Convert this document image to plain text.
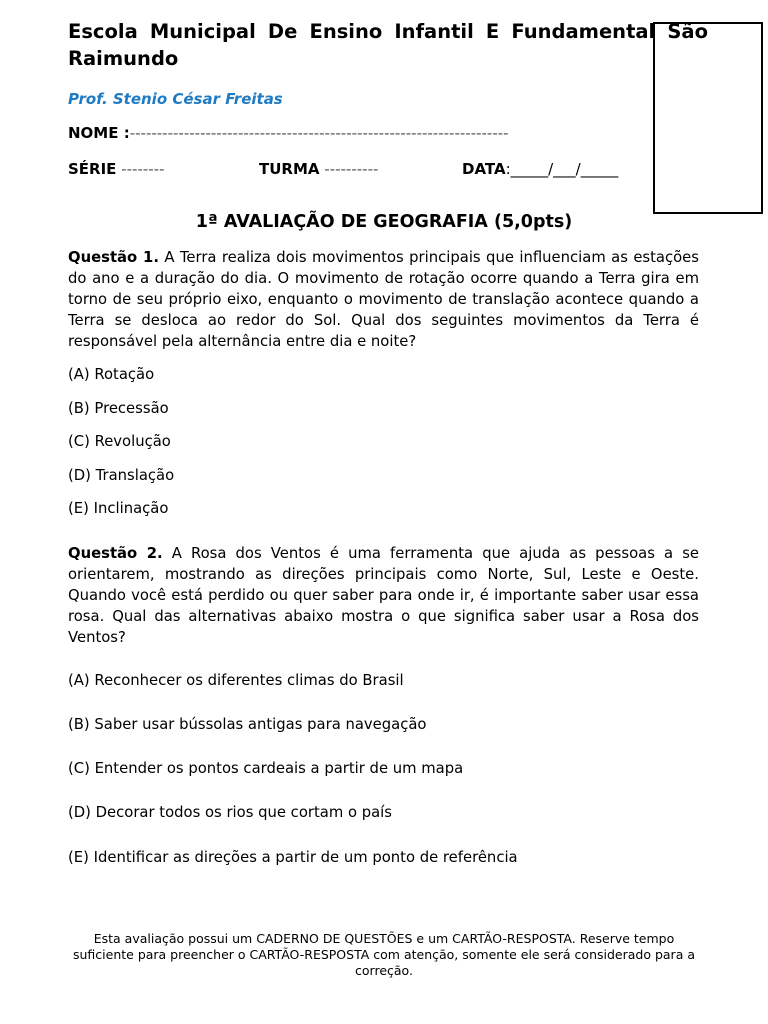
Escola Municipal De Ensino Infantil E Fundamental São Raimundo
Prof. Stenio César Freitas
NOME :----------------------------------------------------------------------
SÉRIE --------	TURMA ----------	DATA:_____/___/_____
1ª AVALIAÇÃO DE GEOGRAFIA (5,0pts)
Questão 1. A Terra realiza dois movimentos principais que influenciam as estações do ano e a duração do dia. O movimento de rotação ocorre quando a Terra gira em torno de seu próprio eixo, enquanto o movimento de translação acontece quando a Terra se desloca ao redor do Sol. Qual dos seguintes movimentos da Terra é responsável pela alternância entre dia e noite?
(A) Rotação
(B) Precessão
(C) Revolução
(D) Translação
(E) Inclinação
Questão 2. A Rosa dos Ventos é uma ferramenta que ajuda as pessoas a se orientarem, mostrando as direções principais como Norte, Sul, Leste e Oeste. Quando você está perdido ou quer saber para onde ir, é importante saber usar essa rosa. Qual das alternativas abaixo mostra o que significa saber usar a Rosa dos Ventos?
(A) Reconhecer os diferentes climas do Brasil
(B) Saber usar bússolas antigas para navegação
(C) Entender os pontos cardeais a partir de um mapa
(D) Decorar todos os rios que cortam o país
(E) Identificar as direções a partir de um ponto de referência
Esta avaliação possui um CADERNO DE QUESTÕES e um CARTÃO-RESPOSTA. Reserve tempo suficiente para preencher o CARTÃO-RESPOSTA com atenção, somente ele será considerado para a correção.
